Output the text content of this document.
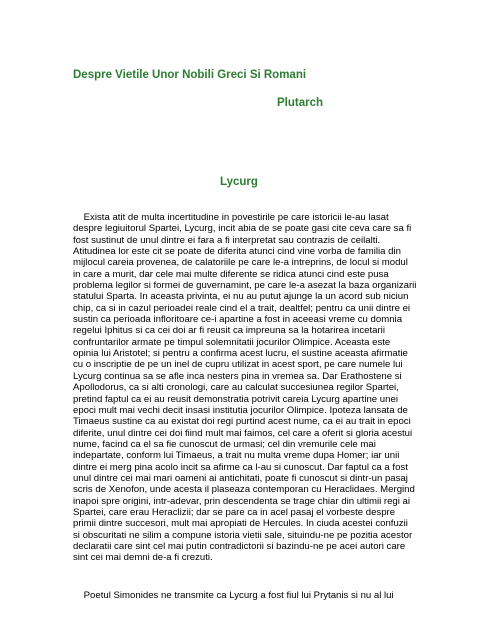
Despre Vietile Unor Nobili Greci Si Romani
Plutarch
Lycurg
Exista atit de multa incertitudine in povestirile pe care istoricii le-au lasat
despre legiuitorul Spartei, Lycurg, incit abia de se poate gasi cite ceva care sa fi
fost sustinut de unul dintre ei fara a fi interpretat sau contrazis de ceilalti.
Atitudinea lor este cit se poate de diferita atunci cind vine vorba de familia din
mijlocul careia provenea, de calatoriile pe care le-a intreprins, de locul si modul
in care a murit, dar cele mai multe diferente se ridica atunci cind este pusa
problema legilor si formei de guvernamint, pe care le-a asezat la baza organizarii
statului Sparta. In aceasta privinta, ei nu au putut ajunge la un acord sub niciun
chip, ca si in cazul perioadei reale cind el a trait, dealtfel; pentru ca unii dintre ei
sustin ca perioada infloritoare ce-i apartine a fost in aceeasi vreme cu domnia
regelui Iphitus si ca cei doi ar fi reusit ca impreuna sa la hotarirea incetarii
confruntarilor armate pe timpul solemnitatii jocurilor Olimpice. Aceasta este
opinia lui Aristotel; si pentru a confirma acest lucru, el sustine aceasta afirmatie
cu o inscriptie de pe un inel de cupru utilizat in acest sport, pe care numele lui
Lycurg continua sa se afle inca nesters pina in vremea sa. Dar Erathostene si
Apollodorus, ca si alti cronologi, care au calculat succesiunea regilor Spartei,
pretind faptul ca ei au reusit demonstratia potrivit careia Lycurg apartine unei
epoci mult mai vechi decit insasi institutia jocurilor Olimpice. Ipoteza lansata de
Timaeus sustine ca au existat doi regi purtind acest nume, ca ei au trait in epoci
diferite, unul dintre cei doi fiind mult mai faimos, cel care a oferit si gloria acestui
nume, facind ca el sa fie cunoscut de urmasi; cel din vremurile cele mai
indepartate, conform lui Timaeus, a trait nu multa vreme dupa Homer; iar unii
dintre ei merg pina acolo incit sa afirme ca l-au si cunoscut. Dar faptul ca a fost
unul dintre cei mai mari oameni ai antichitati, poate fi cunoscut si dintr-un pasaj
scris de Xenofon, unde acesta il plaseaza contemporan cu Heraclidaes. Mergind
inapoi spre origini, intr-adevar, prin descendenta se trage chiar din ultimii regi ai
Spartei, care erau Heraclizii; dar se pare ca in acel pasaj el vorbeste despre
primii dintre succesori, mult mai apropiati de Hercules. In ciuda acestei confuzii
si obscuritati ne silim a compune istoria vietii sale, situindu-ne pe pozitia acestor
declaratii care sint cel mai putin contradictorii si bazindu-ne pe acei autori care
sint cei mai demni de-a fi crezuti.

Poetul Simonides ne transmite ca Lycurg a fost fiul lui Prytanis si nu al lui
